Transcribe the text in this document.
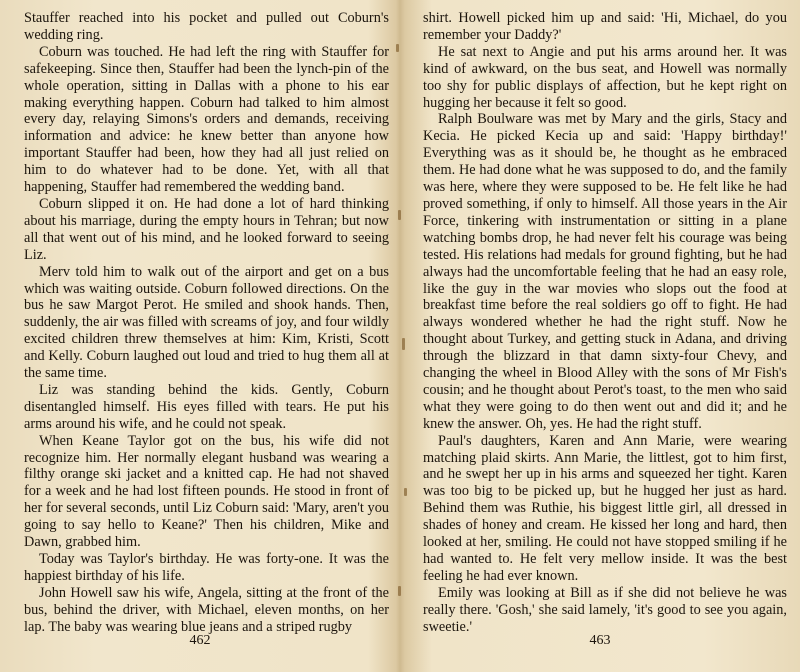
Stauffer reached into his pocket and pulled out Coburn's wedding ring.

Coburn was touched. He had left the ring with Stauffer for safekeeping. Since then, Stauffer had been the lynch-pin of the whole operation, sitting in Dallas with a phone to his ear making everything happen. Coburn had talked to him almost every day, relaying Simons's orders and demands, receiving information and advice: he knew better than anyone how important Stauffer had been, how they had all just relied on him to do whatever had to be done. Yet, with all that happening, Stauffer had remembered the wedding band.

Coburn slipped it on. He had done a lot of hard thinking about his marriage, during the empty hours in Tehran; but now all that went out of his mind, and he looked forward to seeing Liz.

Merv told him to walk out of the airport and get on a bus which was waiting outside. Coburn followed directions. On the bus he saw Margot Perot. He smiled and shook hands. Then, suddenly, the air was filled with screams of joy, and four wildly excited children threw themselves at him: Kim, Kristi, Scott and Kelly. Coburn laughed out loud and tried to hug them all at the same time.

Liz was standing behind the kids. Gently, Coburn disentangled himself. His eyes filled with tears. He put his arms around his wife, and he could not speak.

When Keane Taylor got on the bus, his wife did not recognize him. Her normally elegant husband was wearing a filthy orange ski jacket and a knitted cap. He had not shaved for a week and he had lost fifteen pounds. He stood in front of her for several seconds, until Liz Coburn said: 'Mary, aren't you going to say hello to Keane?' Then his children, Mike and Dawn, grabbed him.

Today was Taylor's birthday. He was forty-one. It was the happiest birthday of his life.

John Howell saw his wife, Angela, sitting at the front of the bus, behind the driver, with Michael, eleven months, on her lap. The baby was wearing blue jeans and a striped rugby

462

shirt. Howell picked him up and said: 'Hi, Michael, do you remember your Daddy?'

He sat next to Angie and put his arms around her. It was kind of awkward, on the bus seat, and Howell was normally too shy for public displays of affection, but he kept right on hugging her because it felt so good.

Ralph Boulware was met by Mary and the girls, Stacy and Kecia. He picked Kecia up and said: 'Happy birthday!' Everything was as it should be, he thought as he embraced them. He had done what he was supposed to do, and the family was here, where they were supposed to be. He felt like he had proved something, if only to himself. All those years in the Air Force, tinkering with instrumentation or sitting in a plane watching bombs drop, he had never felt his courage was being tested. His relations had medals for ground fighting, but he had always had the uncomfortable feeling that he had an easy role, like the guy in the war movies who slops out the food at breakfast time before the real soldiers go off to fight. He had always wondered whether he had the right stuff. Now he thought about Turkey, and getting stuck in Adana, and driving through the blizzard in that damn sixty-four Chevy, and changing the wheel in Blood Alley with the sons of Mr Fish's cousin; and he thought about Perot's toast, to the men who said what they were going to do then went out and did it; and he knew the answer. Oh, yes. He had the right stuff.

Paul's daughters, Karen and Ann Marie, were wearing matching plaid skirts. Ann Marie, the littlest, got to him first, and he swept her up in his arms and squeezed her tight. Karen was too big to be picked up, but he hugged her just as hard. Behind them was Ruthie, his biggest little girl, all dressed in shades of honey and cream. He kissed her long and hard, then looked at her, smiling. He could not have stopped smiling if he had wanted to. He felt very mellow inside. It was the best feeling he had ever known.

Emily was looking at Bill as if she did not believe he was really there. 'Gosh,' she said lamely, 'it's good to see you again, sweetie.'

463
